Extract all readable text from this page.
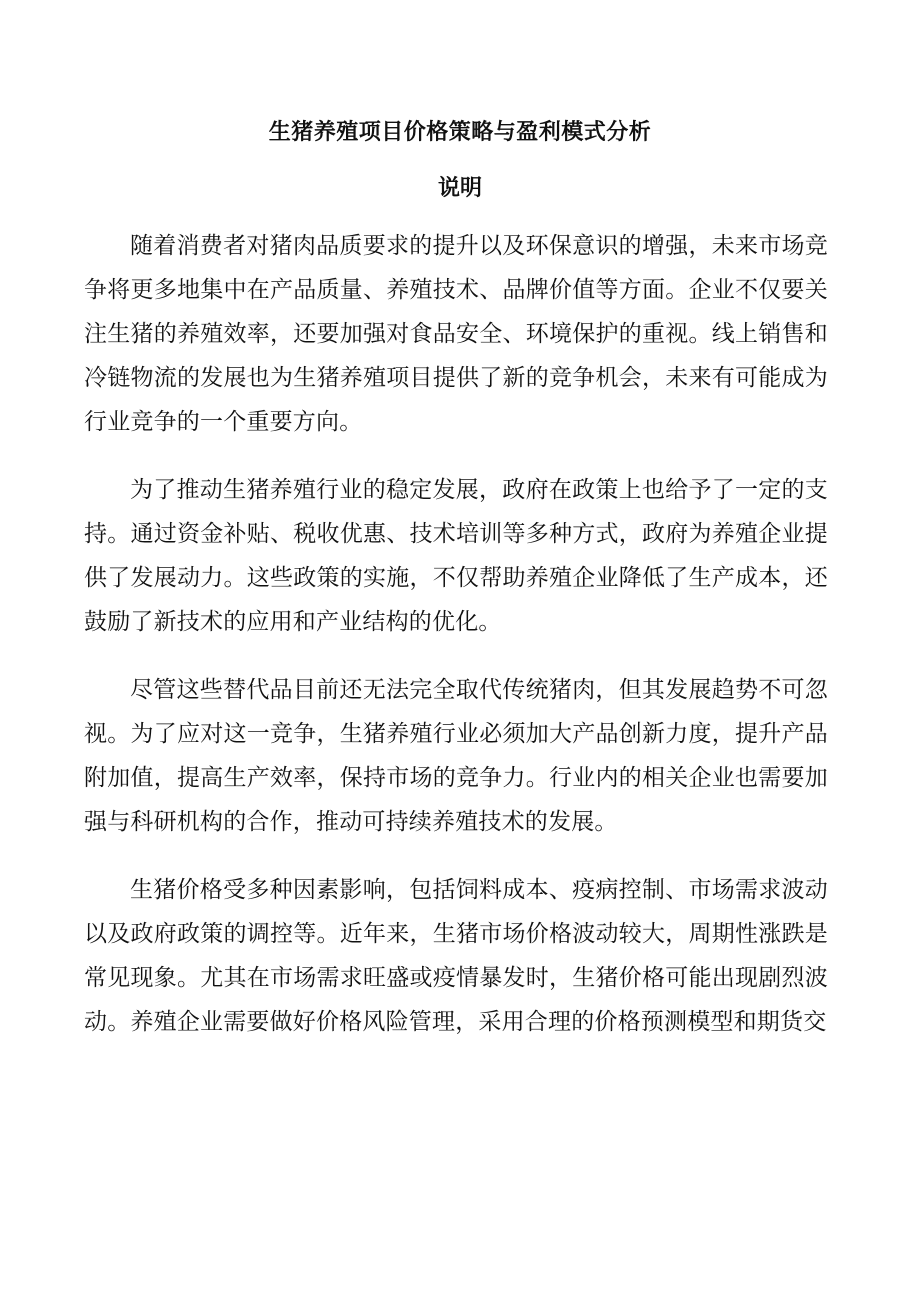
生猪养殖项目价格策略与盈利模式分析
说明

随着消费者对猪肉品质要求的提升以及环保意识的增强，未来市场竞争将更多地集中在产品质量、养殖技术、品牌价值等方面。企业不仅要关注生猪的养殖效率，还要加强对食品安全、环境保护的重视。线上销售和冷链物流的发展也为生猪养殖项目提供了新的竞争机会，未来有可能成为行业竞争的一个重要方向。

为了推动生猪养殖行业的稳定发展，政府在政策上也给予了一定的支持。通过资金补贴、税收优惠、技术培训等多种方式，政府为养殖企业提供了发展动力。这些政策的实施，不仅帮助养殖企业降低了生产成本，还鼓励了新技术的应用和产业结构的优化。

尽管这些替代品目前还无法完全取代传统猪肉，但其发展趋势不可忽视。为了应对这一竞争，生猪养殖行业必须加大产品创新力度，提升产品附加值，提高生产效率，保持市场的竞争力。行业内的相关企业也需要加强与科研机构的合作，推动可持续养殖技术的发展。

生猪价格受多种因素影响，包括饲料成本、疫病控制、市场需求波动以及政府政策的调控等。近年来，生猪市场价格波动较大，周期性涨跌是常见现象。尤其在市场需求旺盛或疫情暴发时，生猪价格可能出现剧烈波动。养殖企业需要做好价格风险管理，采用合理的价格预测模型和期货交
